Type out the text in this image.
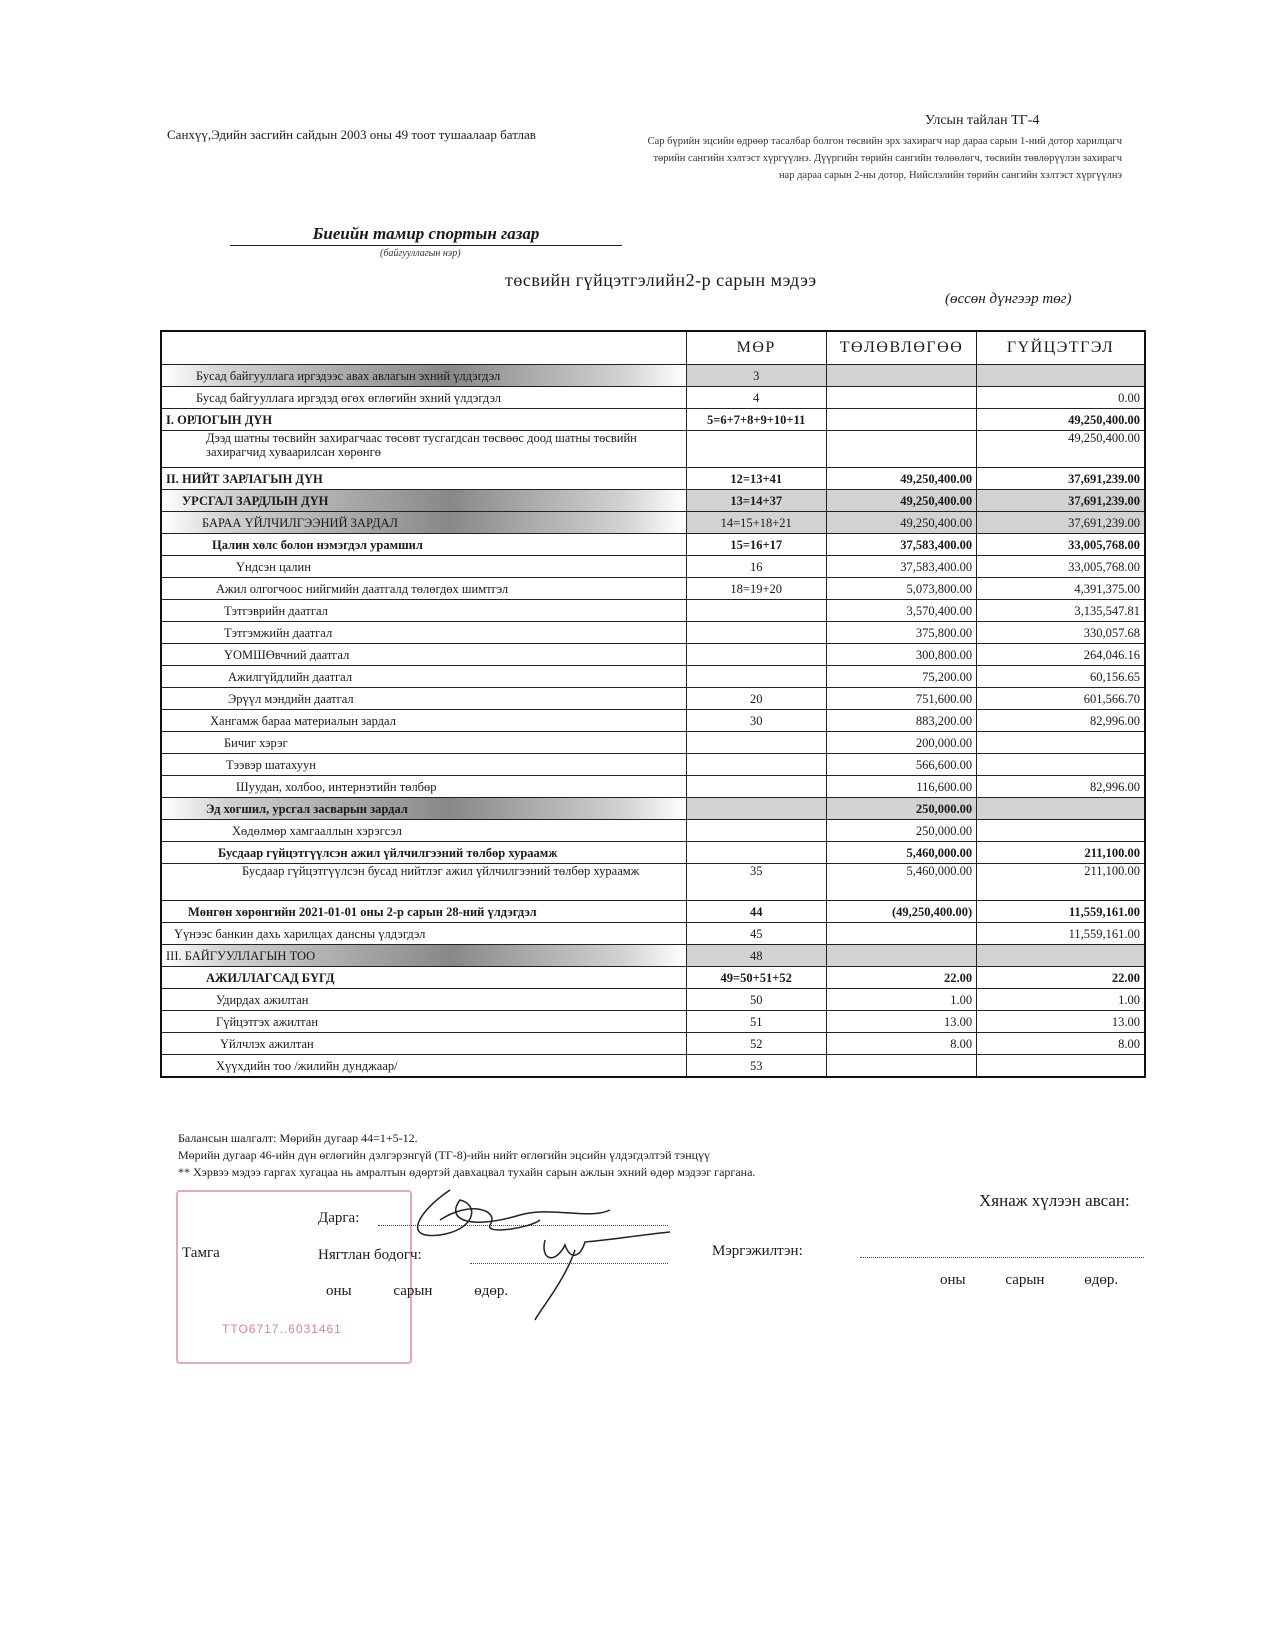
Санхүү,Эдийн засгийн сайдын 2003 оны 49 тоот тушаалаар батлав
Улсын тайлан ТГ-4
Сар бүрийн эцсийн өдрөөр тасалбар болгон төсвийн эрх захирагч нар дараа сарын 1-ний дотор харилцагч төрийн сангийн хэлтэст хүргүүлнэ. Дүүргийн төрийн сангийн төлөөлөгч, төсвийн төвлөрүүлэн захирагч нар дараа сарын 2-ны дотор, Нийслэлийн төрийн сангийн хэлтэст хүргүүлнэ
Биеийн тамир спортын газар
(байгууллагын нэр)
төсвийн гүйцэтгэлийн2-р сарын мэдээ
(өссөн дүнгээр төг)
	МӨР	ТӨЛӨВЛӨГӨӨ	ГҮЙЦЭТГЭЛ
Бусад байгууллага иргэдээс авах авлагын эхний үлдэгдэл	3		
Бусад байгууллага иргэдэд өгөх өглөгийн эхний үлдэгдэл	4		0.00
I. ОРЛОГЫН ДҮН	5=6+7+8+9+10+11		49,250,400.00
Дээд шатны төсвийн захирагчаас төсөвт тусгагдсан төсвөөс доод шатны төсвийн захирагчид хуваарилсан хөрөнгө			49,250,400.00
II. НИЙТ ЗАРЛАГЫН ДҮН	12=13+41	49,250,400.00	37,691,239.00
УРСГАЛ ЗАРДЛЫН ДҮН	13=14+37	49,250,400.00	37,691,239.00
БАРАА ҮЙЛЧИЛГЭЭНИЙ ЗАРДАЛ	14=15+18+21	49,250,400.00	37,691,239.00
Цалин хөлс болон нэмэгдэл урамшил	15=16+17	37,583,400.00	33,005,768.00
Үндсэн цалин	16	37,583,400.00	33,005,768.00
Ажил олгогчоос нийгмийн даатгалд төлөгдөх шимтгэл	18=19+20	5,073,800.00	4,391,375.00
Тэтгэврийн даатгал		3,570,400.00	3,135,547.81
Тэтгэмжийн даатгал		375,800.00	330,057.68
ҮОМШӨвчний даатгал		300,800.00	264,046.16
Ажилгүйдлийн даатгал		75,200.00	60,156.65
Эрүүл мэндийн даатгал	20	751,600.00	601,566.70
Хангамж бараа материалын зардал	30	883,200.00	82,996.00
Бичиг хэрэг		200,000.00	
Тээвэр шатахуун		566,600.00	
Шуудан, холбоо, интернэтийн төлбөр		116,600.00	82,996.00
Эд хогшил, урсгал засварын зардал		250,000.00	
Хөдөлмөр хамгааллын хэрэгсэл		250,000.00	
Бусдаар гүйцэтгүүлсэн ажил үйлчилгээний төлбөр хураамж		5,460,000.00	211,100.00
Бусдаар гүйцэтгүүлсэн бусад нийтлэг ажил үйлчилгээний төлбөр хураамж	35	5,460,000.00	211,100.00
Мөнгөн хөрөнгийн 2021-01-01 оны 2-р сарын 28-ний үлдэгдэл	44	(49,250,400.00)	11,559,161.00
Үүнээс банкин дахь харилцах дансны үлдэгдэл	45		11,559,161.00
III. БАЙГУУЛЛАГЫН ТОО	48		
АЖИЛЛАГСАД БҮГД	49=50+51+52	22.00	22.00
Удирдах ажилтан	50	1.00	1.00
Гүйцэтгэх ажилтан	51	13.00	13.00
Үйлчлэх ажилтан	52	8.00	8.00
Хүүхдийн тоо /жилийн дунджаар/	53		
Балансын шалгалт: Мөрийн дугаар 44=1+5-12.
Мөрийн дугаар 46-ийн дүн өглөгийн дэлгэрэнгүй (ТГ-8)-ийн нийт өглөгийн эцсийн үлдэгдэлтэй тэнцүү
** Хэрвээ мэдээ гаргах хугацаа нь амралтын өдөртэй давхацвал тухайн сарын ажлын эхний өдөр мэдээг гаргана.
TTO6717..6031461
Тамга
Дарга:
Нягтлан бодогч:
оны сарын өдөр.
Хянаж хүлээн авсан:
Мэргэжилтэн:
оны сарын өдөр.
